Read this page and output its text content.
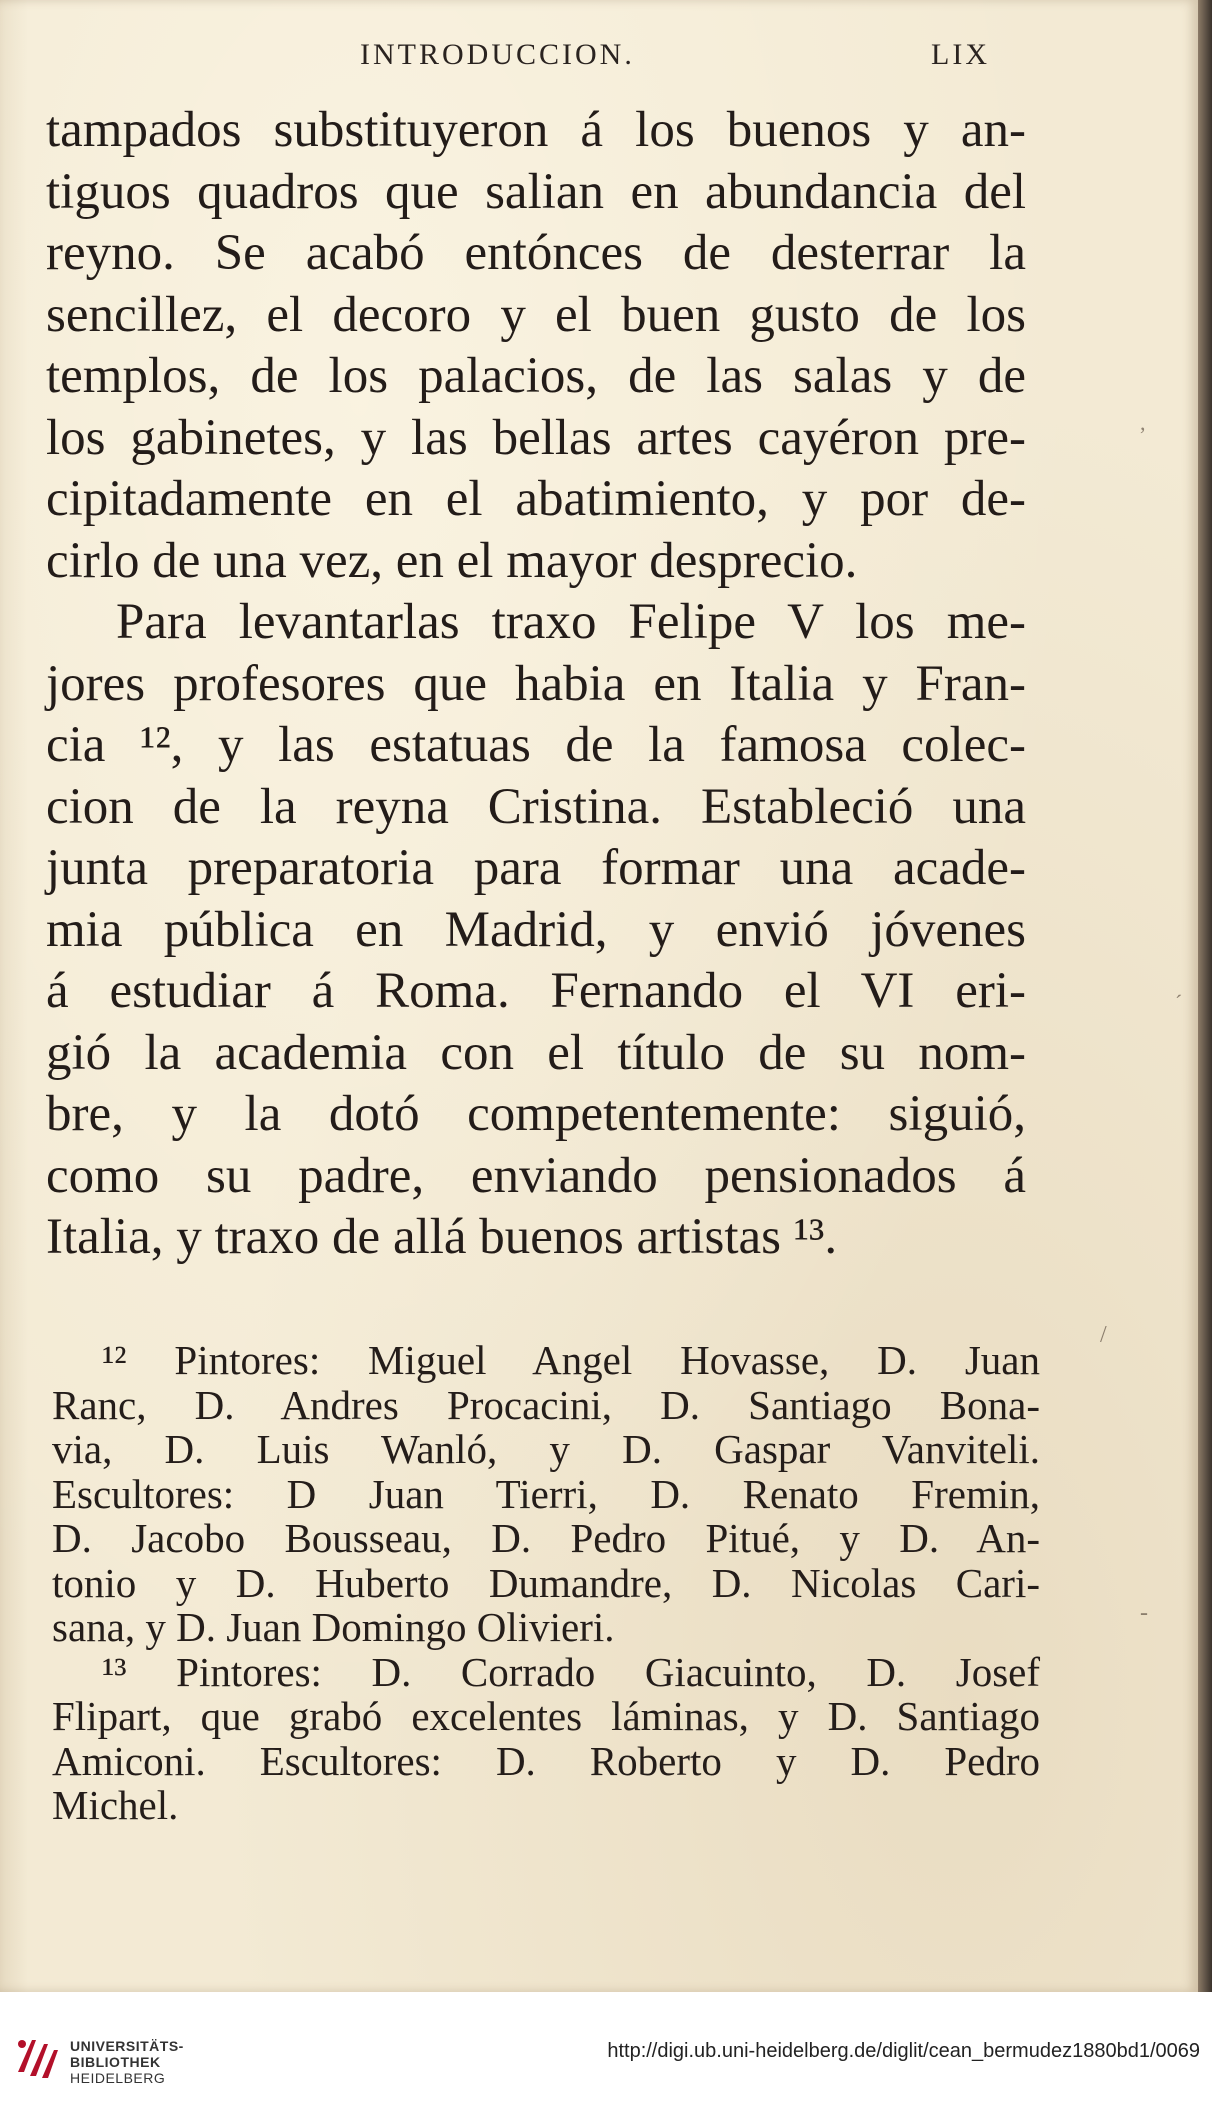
INTRODUCCION.	LIX
tampados substituyeron á los buenos y an-
tiguos quadros que salian en abundancia del
reyno. Se acabó entónces de desterrar la
sencillez, el decoro y el buen gusto de los
templos, de los palacios, de las salas y de
los gabinetes, y las bellas artes cayéron pre-
cipitadamente en el abatimiento, y por de-
cirlo de una vez, en el mayor desprecio.
Para levantarlas traxo Felipe V los me-
jores profesores que habia en Italia y Fran-
cia ¹², y las estatuas de la famosa colec-
cion de la reyna Cristina. Estableció una
junta preparatoria para formar una acade-
mia pública en Madrid, y envió jóvenes
á estudiar á Roma. Fernando el VI eri-
gió la academia con el título de su nom-
bre, y la dotó competentemente: siguió,
como su padre, enviando pensionados á
Italia, y traxo de allá buenos artistas ¹³.
¹² Pintores: Miguel Angel Hovasse, D. Juan
Ranc, D. Andres Procacini, D. Santiago Bona-
via, D. Luis Wanló, y D. Gaspar Vanviteli.
Escultores: D Juan Tierri, D. Renato Fremin,
D. Jacobo Bousseau, D. Pedro Pitué, y D. An-
tonio y D. Huberto Dumandre, D. Nicolas Cari-
sana, y D. Juan Domingo Olivieri.
¹³ Pintores: D. Corrado Giacuinto, D. Josef
Flipart, que grabó excelentes láminas, y D. Santiago
Amiconi. Escultores: D. Roberto y D. Pedro
Michel.
,
´
/
-
UNIVERSITÄTS-
BIBLIOTHEK
HEIDELBERG
http://digi.ub.uni-heidelberg.de/diglit/cean_bermudez1880bd1/0069
